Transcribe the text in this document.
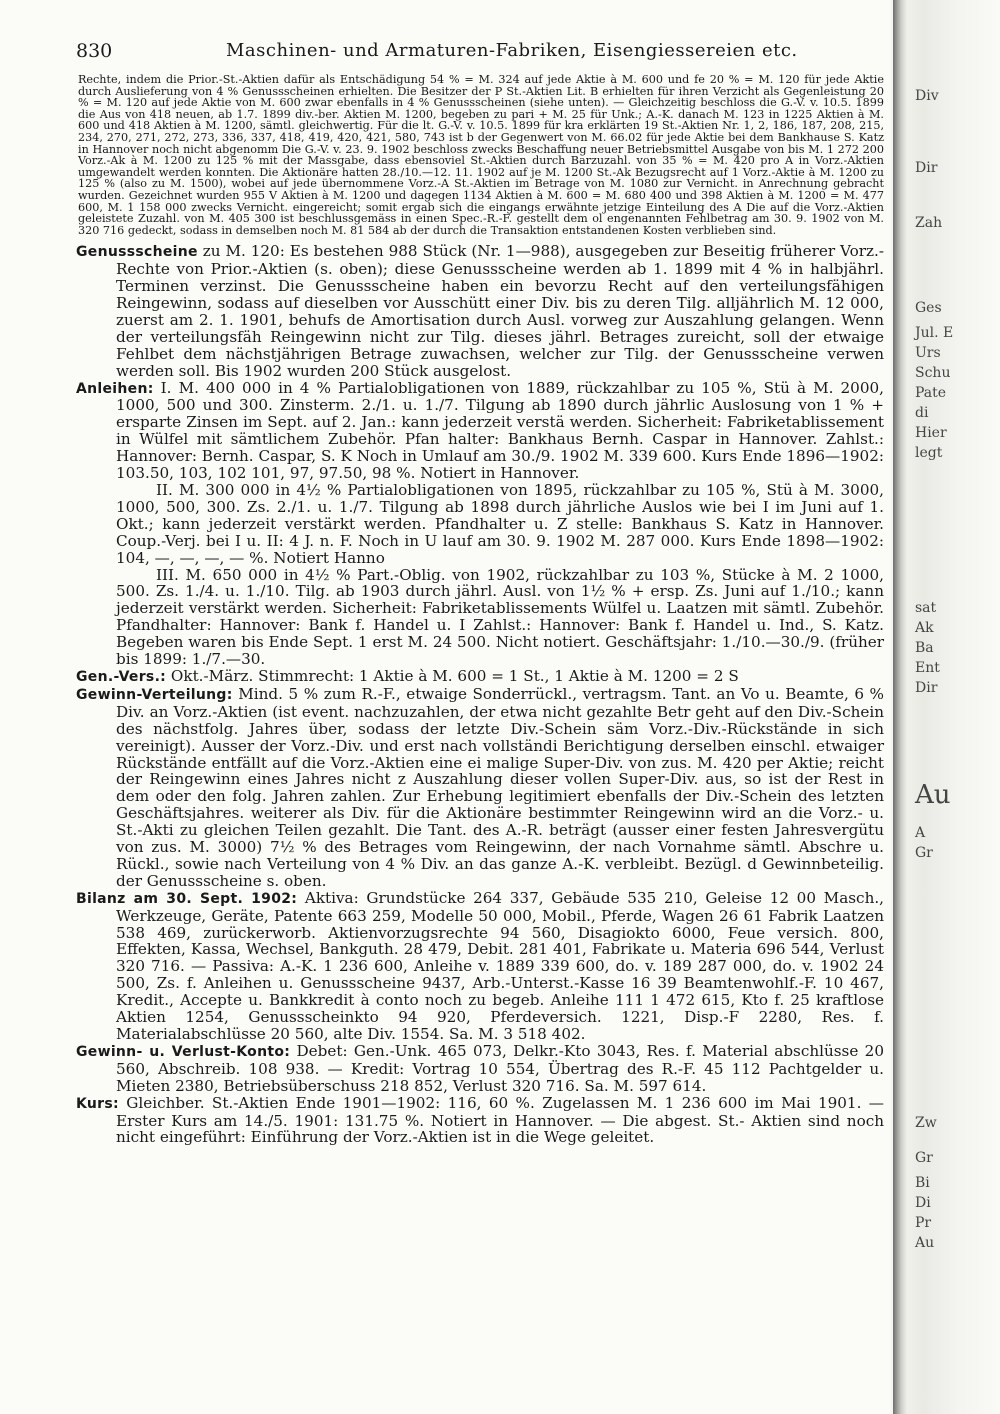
830	Maschinen- und Armaturen-Fabriken, Eisengiessereien etc.

Rechte, indem die Prior.-St.-Aktien dafür als Entschädigung 54 % = M. 324 auf jede Aktie à M. 600 und fe 20 % = M. 120 für jede Aktie durch Auslieferung von 4 % Genussscheinen erhielten. Die Besitzer der P St.-Aktien Lit. B erhielten für ihren Verzicht als Gegenleistung 20 % = M. 120 auf jede Aktie von M. 600 zwar ebenfalls in 4 % Genussscheinen (siehe unten). — Gleichzeitig beschloss die G.-V. v. 10.5. 1899 die Aus von 418 neuen, ab 1.7. 1899 div.-ber. Aktien M. 1200, begeben zu pari + M. 25 für Unk.; A.-K. danach M. 123 in 1225 Aktien à M. 600 und 418 Aktien à M. 1200, sämtl. gleichwertig. Für die lt. G.-V. v. 10.5. 1899 für kra erklärten 19 St.-Aktien Nr. 1, 2, 186, 187, 208, 215, 234, 270, 271, 272, 273, 336, 337, 418, 419, 420, 421, 580, 743 ist b der Gegenwert von M. 66.02 für jede Aktie bei dem Bankhause S. Katz in Hannover noch nicht abgenomm Die G.-V. v. 23. 9. 1902 beschloss zwecks Beschaffung neuer Betriebsmittel Ausgabe von bis M. 1 272 200 Vorz.-Ak à M. 1200 zu 125 % mit der Massgabe, dass ebensoviel St.-Aktien durch Barzuzahl. von 35 % = M. 420 pro A in Vorz.-Aktien umgewandelt werden konnten. Die Aktionäre hatten 28./10.—12. 11. 1902 auf je M. 1200 St.-Ak Bezugsrecht auf 1 Vorz.-Aktie à M. 1200 zu 125 % (also zu M. 1500), wobei auf jede übernommene Vorz.-A St.-Aktien im Betrage von M. 1080 zur Vernicht. in Anrechnung gebracht wurden. Gezeichnet wurden 955 V Aktien à M. 1200 und dagegen 1134 Aktien à M. 600 = M. 680 400 und 398 Aktien à M. 1200 = M. 477 600, M. 1 158 000 zwecks Vernicht. eingereicht; somit ergab sich die eingangs erwähnte jetzige Einteilung des A Die auf die Vorz.-Aktien geleistete Zuzahl. von M. 405 300 ist beschlussgemäss in einen Spec.-R.-F. gestellt dem ol engenannten Fehlbetrag am 30. 9. 1902 von M. 320 716 gedeckt, sodass in demselben noch M. 81 584 ab der durch die Transaktion entstandenen Kosten verblieben sind.

Genussscheine zu M. 120: Es bestehen 988 Stück (Nr. 1—988), ausgegeben zur Beseitig früherer Vorz.-Rechte von Prior.-Aktien (s. oben); diese Genussscheine werden ab 1. 1899 mit 4 % in halbjährl. Terminen verzinst. Die Genussscheine haben ein bevorzu Recht auf den verteilungsfähigen Reingewinn, sodass auf dieselben vor Ausschütt einer Div. bis zu deren Tilg. alljährlich M. 12 000, zuerst am 2. 1. 1901, behufs de Amortisation durch Ausl. vorweg zur Auszahlung gelangen. Wenn der verteilungsfäh Reingewinn nicht zur Tilg. dieses jährl. Betrages zureicht, soll der etwaige Fehlbet dem nächstjährigen Betrage zuwachsen, welcher zur Tilg. der Genussscheine verwen werden soll. Bis 1902 wurden 200 Stück ausgelost.

Anleihen: I. M. 400 000 in 4 % Partialobligationen von 1889, rückzahlbar zu 105 %, Stü à M. 2000, 1000, 500 und 300. Zinsterm. 2./1. u. 1./7. Tilgung ab 1890 durch jährlic Auslosung von 1 % + ersparte Zinsen im Sept. auf 2. Jan.: kann jederzeit verstä werden. Sicherheit: Fabriketablissement in Wülfel mit sämtlichem Zubehör. Pfan halter: Bankhaus Bernh. Caspar in Hannover. Zahlst.: Hannover: Bernh. Caspar, S. K Noch in Umlauf am 30./9. 1902 M. 339 600. Kurs Ende 1896—1902: 103.50, 103, 102 101, 97, 97.50, 98 %. Notiert in Hannover.

II. M. 300 000 in 4½ % Partialobligationen von 1895, rückzahlbar zu 105 %, Stü à M. 3000, 1000, 500, 300. Zs. 2./1. u. 1./7. Tilgung ab 1898 durch jährliche Auslos wie bei I im Juni auf 1. Okt.; kann jederzeit verstärkt werden. Pfandhalter u. Z stelle: Bankhaus S. Katz in Hannover. Coup.-Verj. bei I u. II: 4 J. n. F. Noch in U lauf am 30. 9. 1902 M. 287 000. Kurs Ende 1898—1902: 104, —, —, —, — %. Notiert Hanno

III. M. 650 000 in 4½ % Part.-Oblig. von 1902, rückzahlbar zu 103 %, Stücke à M. 2 1000, 500. Zs. 1./4. u. 1./10. Tilg. ab 1903 durch jährl. Ausl. von 1½ % + ersp. Zs. Juni auf 1./10.; kann jederzeit verstärkt werden. Sicherheit: Fabriketablissements Wülfel u. Laatzen mit sämtl. Zubehör. Pfandhalter: Hannover: Bank f. Handel u. I Zahlst.: Hannover: Bank f. Handel u. Ind., S. Katz. Begeben waren bis Ende Sept. 1 erst M. 24 500. Nicht notiert. Geschäftsjahr: 1./10.—30./9. (früher bis 1899: 1./7.—30.

Gen.-Vers.: Okt.-März. Stimmrecht: 1 Aktie à M. 600 = 1 St., 1 Aktie à M. 1200 = 2 S

Gewinn-Verteilung: Mind. 5 % zum R.-F., etwaige Sonderrückl., vertragsm. Tant. an Vo u. Beamte, 6 % Div. an Vorz.-Aktien (ist event. nachzuzahlen, der etwa nicht gezahlte Betr geht auf den Div.-Schein des nächstfolg. Jahres über, sodass der letzte Div.-Schein säm Vorz.-Div.-Rückstände in sich vereinigt). Ausser der Vorz.-Div. und erst nach vollständi Berichtigung derselben einschl. etwaiger Rückstände entfällt auf die Vorz.-Aktien eine ei malige Super-Div. von zus. M. 420 per Aktie; reicht der Reingewinn eines Jahres nicht z Auszahlung dieser vollen Super-Div. aus, so ist der Rest in dem oder den folg. Jahren zahlen. Zur Erhebung legitimiert ebenfalls der Div.-Schein des letzten Geschäftsjahres. weiterer als Div. für die Aktionäre bestimmter Reingewinn wird an die Vorz.- u. St.-Akti zu gleichen Teilen gezahlt. Die Tant. des A.-R. beträgt (ausser einer festen Jahresvergütu von zus. M. 3000) 7½ % des Betrages vom Reingewinn, der nach Vornahme sämtl. Abschre u. Rückl., sowie nach Verteilung von 4 % Div. an das ganze A.-K. verbleibt. Bezügl. d Gewinnbeteilig. der Genussscheine s. oben.

Bilanz am 30. Sept. 1902: Aktiva: Grundstücke 264 337, Gebäude 535 210, Geleise 12 00 Masch., Werkzeuge, Geräte, Patente 663 259, Modelle 50 000, Mobil., Pferde, Wagen 26 61 Fabrik Laatzen 538 469, zurückerworb. Aktienvorzugsrechte 94 560, Disagiokto 6000, Feue versich. 800, Effekten, Kassa, Wechsel, Bankguth. 28 479, Debit. 281 401, Fabrikate u. Materia 696 544, Verlust 320 716. — Passiva: A.-K. 1 236 600, Anleihe v. 1889 339 600, do. v. 189 287 000, do. v. 1902 24 500, Zs. f. Anleihen u. Genussscheine 9437, Arb.-Unterst.-Kasse 16 39 Beamtenwohlf.-F. 10 467, Kredit., Accepte u. Bankkredit à conto noch zu begeb. Anleihe 111 1 472 615, Kto f. 25 kraftlose Aktien 1254, Genussscheinkto 94 920, Pferdeversich. 1221, Disp.-F 2280, Res. f. Materialabschlüsse 20 560, alte Div. 1554. Sa. M. 3 518 402.

Gewinn- u. Verlust-Konto: Debet: Gen.-Unk. 465 073, Delkr.-Kto 3043, Res. f. Material abschlüsse 20 560, Abschreib. 108 938. — Kredit: Vortrag 10 554, Übertrag des R.-F. 45 112 Pachtgelder u. Mieten 2380, Betriebsüberschuss 218 852, Verlust 320 716. Sa. M. 597 614.

Kurs: Gleichber. St.-Aktien Ende 1901—1902: 116, 60 %. Zugelassen M. 1 236 600 im Mai 1901. — Erster Kurs am 14./5. 1901: 131.75 %. Notiert in Hannover. — Die abgest. St.- Aktien sind noch nicht eingeführt: Einführung der Vorz.-Aktien ist in die Wege geleitet.

Div
Dir
Zah
Ges
Jul. E
Urs
Schu
Pate
di
Hier
legt
sat
Ak
Ba
Ent
Dir
Au
A
Gr
Zw
Gr
Bi
Di
Pr
Au
